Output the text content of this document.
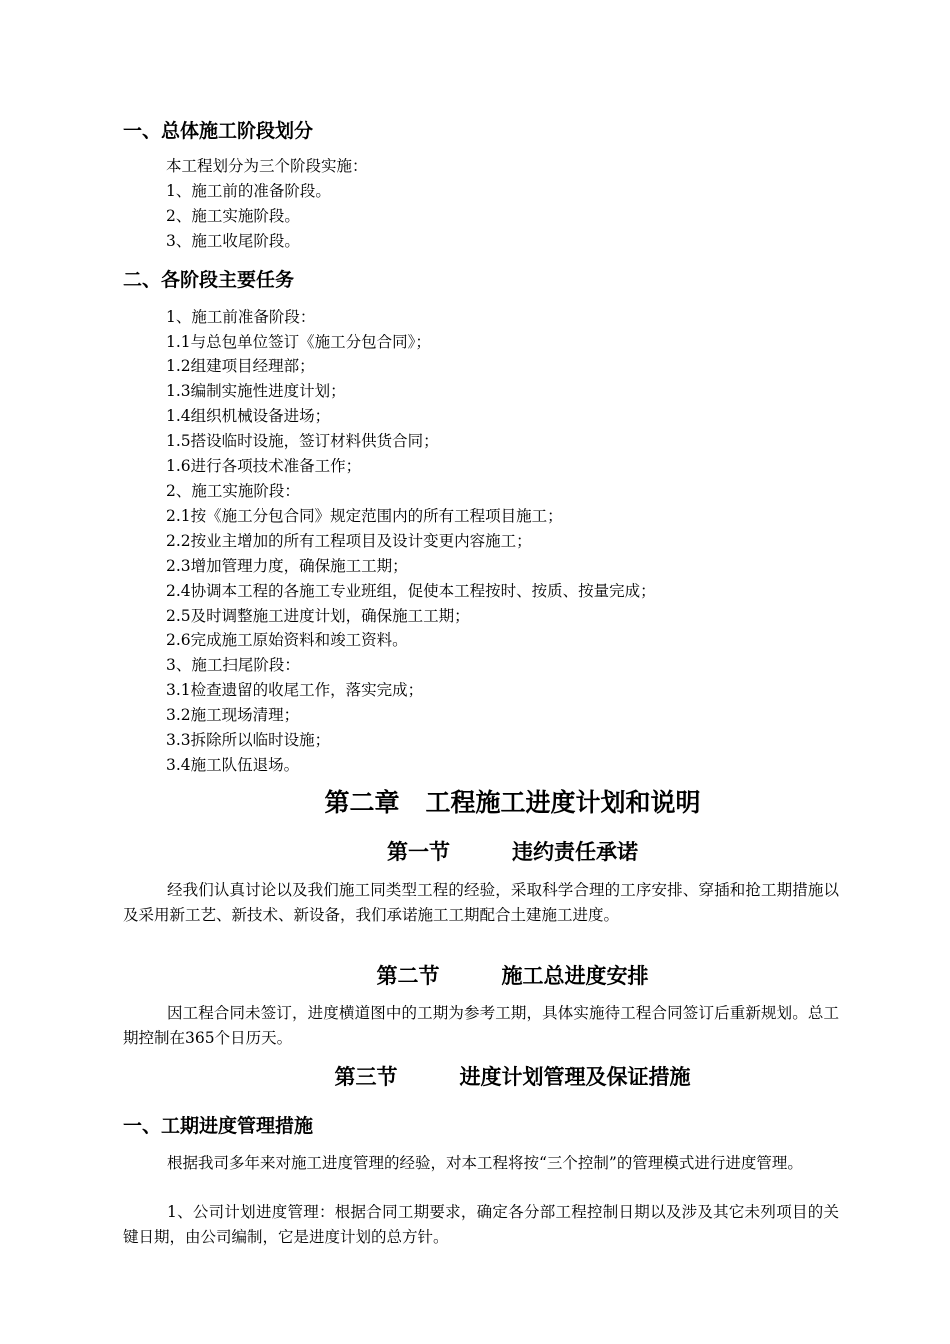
一、总体施工阶段划分
本工程划分为三个阶段实施：
1、施工前的准备阶段。
2、施工实施阶段。
3、施工收尾阶段。
二、各阶段主要任务
1、施工前准备阶段：
1.1与总包单位签订《施工分包合同》；
1.2组建项目经理部；
1.3编制实施性进度计划；
1.4组织机械设备进场；
1.5搭设临时设施，签订材料供货合同；
1.6进行各项技术准备工作；
2、施工实施阶段：
2.1按《施工分包合同》规定范围内的所有工程项目施工；
2.2按业主增加的所有工程项目及设计变更内容施工；
2.3增加管理力度，确保施工工期；
2.4协调本工程的各施工专业班组，促使本工程按时、按质、按量完成；
2.5及时调整施工进度计划，确保施工工期；
2.6完成施工原始资料和竣工资料。
3、施工扫尾阶段：
3.1检查遗留的收尾工作，落实完成；
3.2施工现场清理；
3.3拆除所以临时设施；
3.4施工队伍退场。
第二章 工程施工进度计划和说明
第一节	违约责任承诺
经我们认真讨论以及我们施工同类型工程的经验，采取科学合理的工序安排、穿插和抢工期措施以及采用新工艺、新技术、新设备，我们承诺施工工期配合土建施工进度。
第二节	施工总进度安排
因工程合同未签订，进度横道图中的工期为参考工期，具体实施待工程合同签订后重新规划。总工期控制在365个日历天。
第三节	进度计划管理及保证措施
一、工期进度管理措施
根据我司多年来对施工进度管理的经验，对本工程将按“三个控制”的管理模式进行进度管理。
1、公司计划进度管理：根据合同工期要求，确定各分部工程控制日期以及涉及其它未列项目的关键日期，由公司编制，它是进度计划的总方针。
